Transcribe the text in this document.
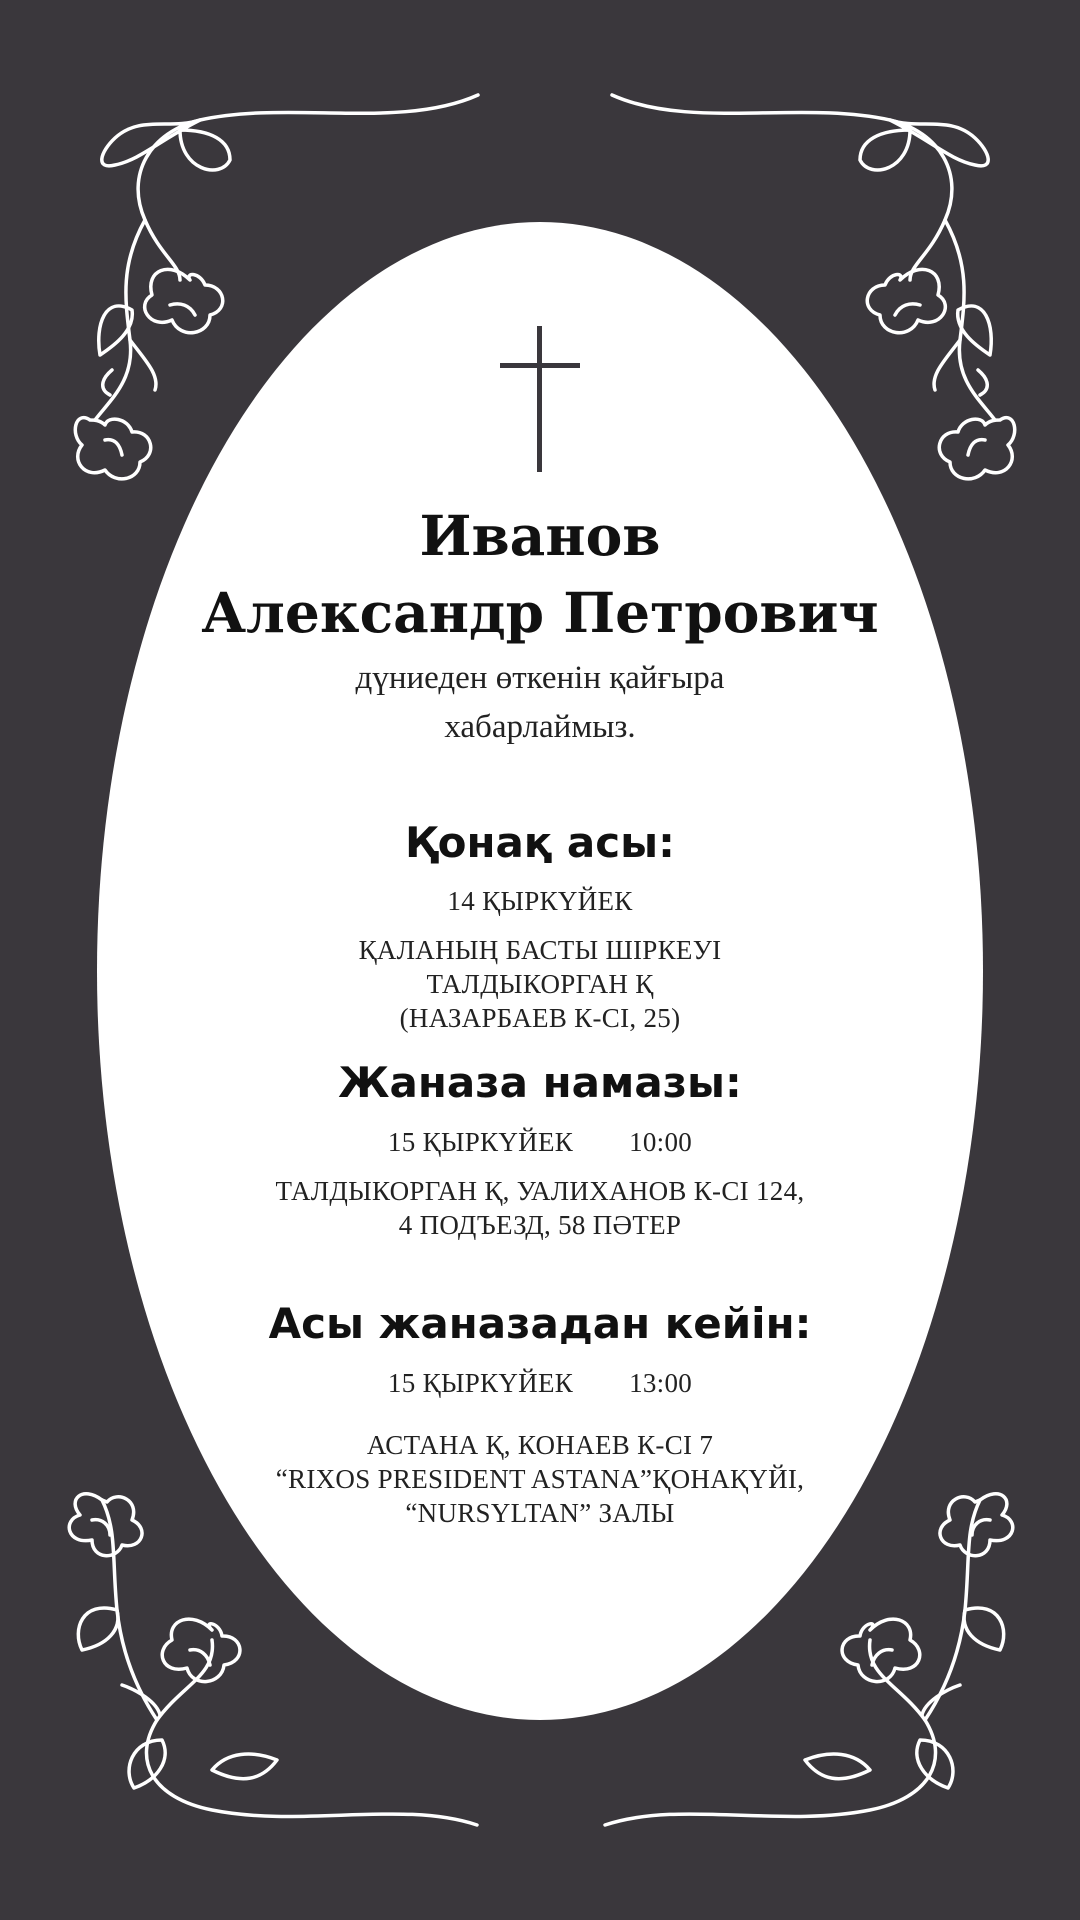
Иванов
Александр Петрович
дүниеден өткенін қайғыра
хабарлаймыз.
Қонақ асы:
14 ҚЫРКҮЙЕК
ҚАЛАНЫҢ БАСТЫ ШІРКЕУІ
ТАЛДЫКОРГАН Қ
(НАЗАРБАЕВ К-СІ, 25)
Жаназа намазы:
15 ҚЫРКҮЙЕК 10:00
ТАЛДЫКОРГАН Қ, УАЛИХАНОВ К-СІ 124,
4 ПОДЪЕЗД, 58 ПӘТЕР
Асы жаназадан кейін:
15 ҚЫРКҮЙЕК 13:00
АСТАНА Қ, КОНАЕВ К-СІ 7
“RIXOS PRESIDENT ASTANA”ҚОНАҚҮЙІ,
“NURSYLTAN” ЗАЛЫ
